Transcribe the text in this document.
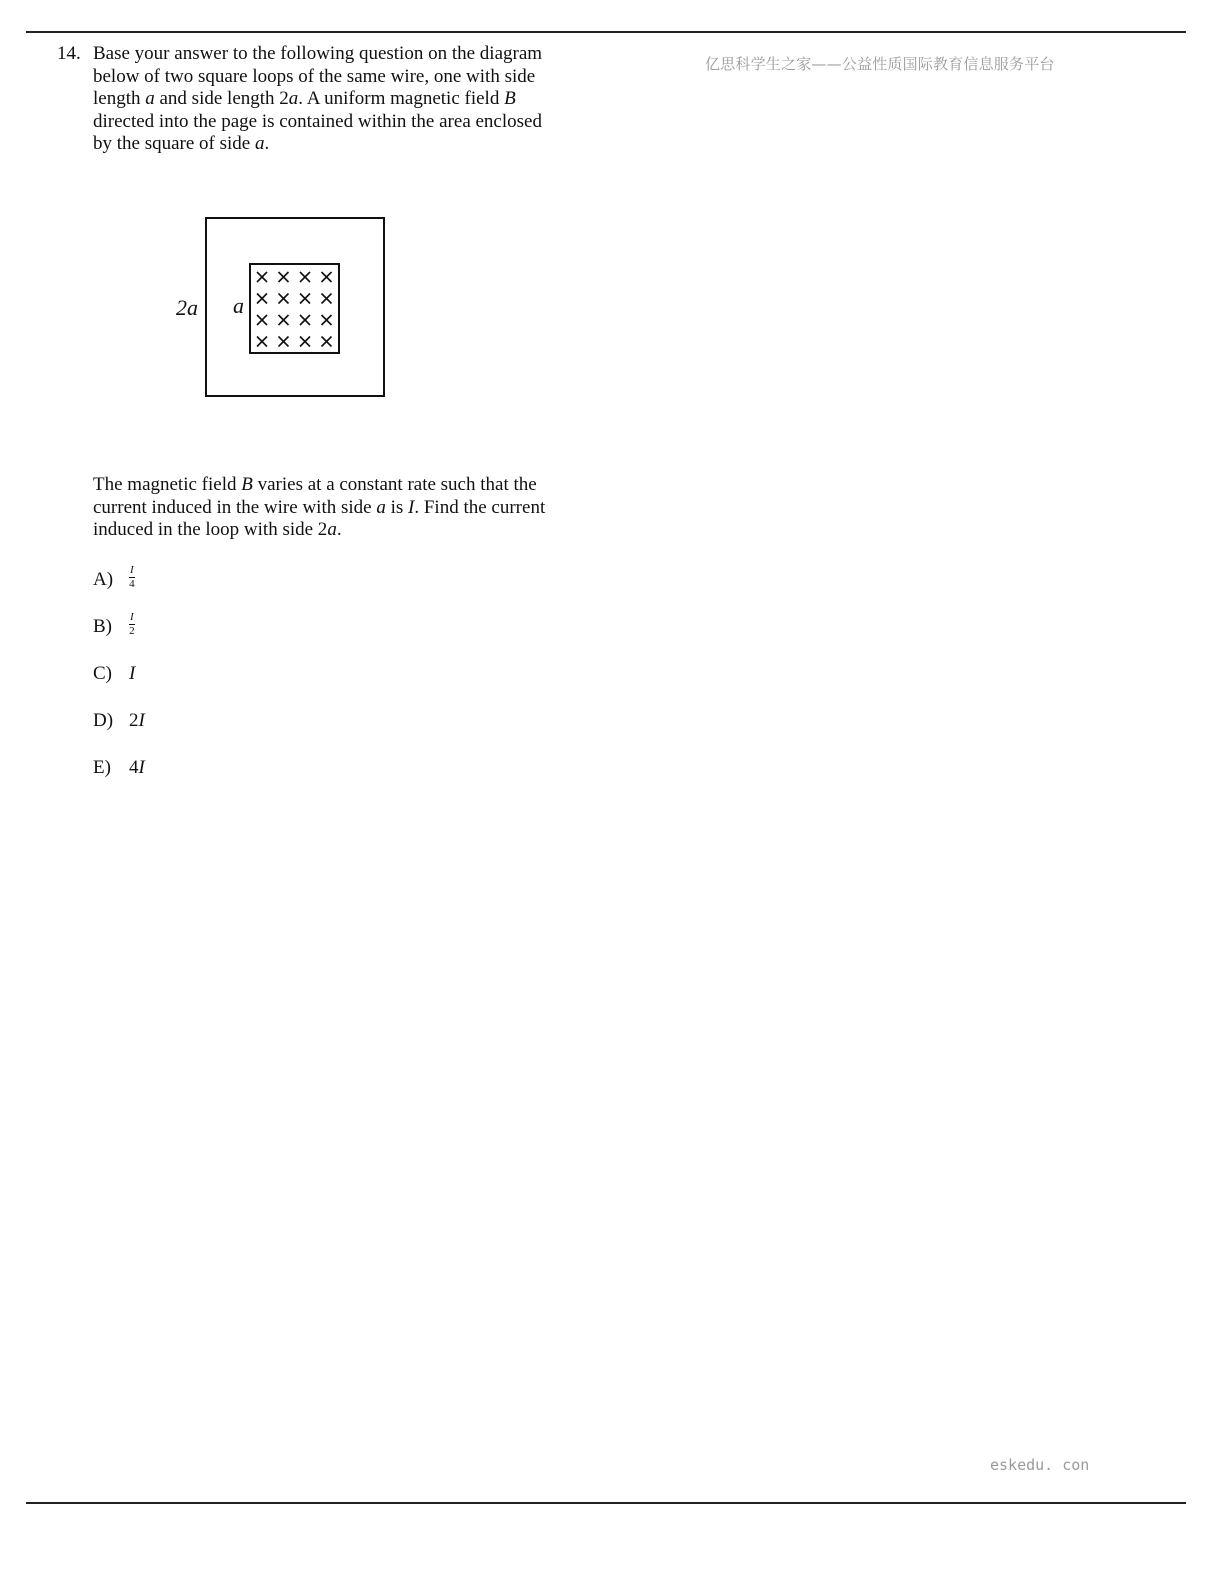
亿思科学生之家——公益性质国际教育信息服务平台
14. Base your answer to the following question on the diagram below of two square loops of the same wire, one with side length a and side length 2a. A uniform magnetic field B directed into the page is contained within the area enclosed by the square of side a.

2a a

The magnetic field B varies at a constant rate such that the current induced in the wire with side a is I. Find the current induced in the loop with side 2a.

$A) \frac{I}{4}$
$B) \frac{I}{2}$
C) I
D) 2I
E) 4I
eskedu. con
